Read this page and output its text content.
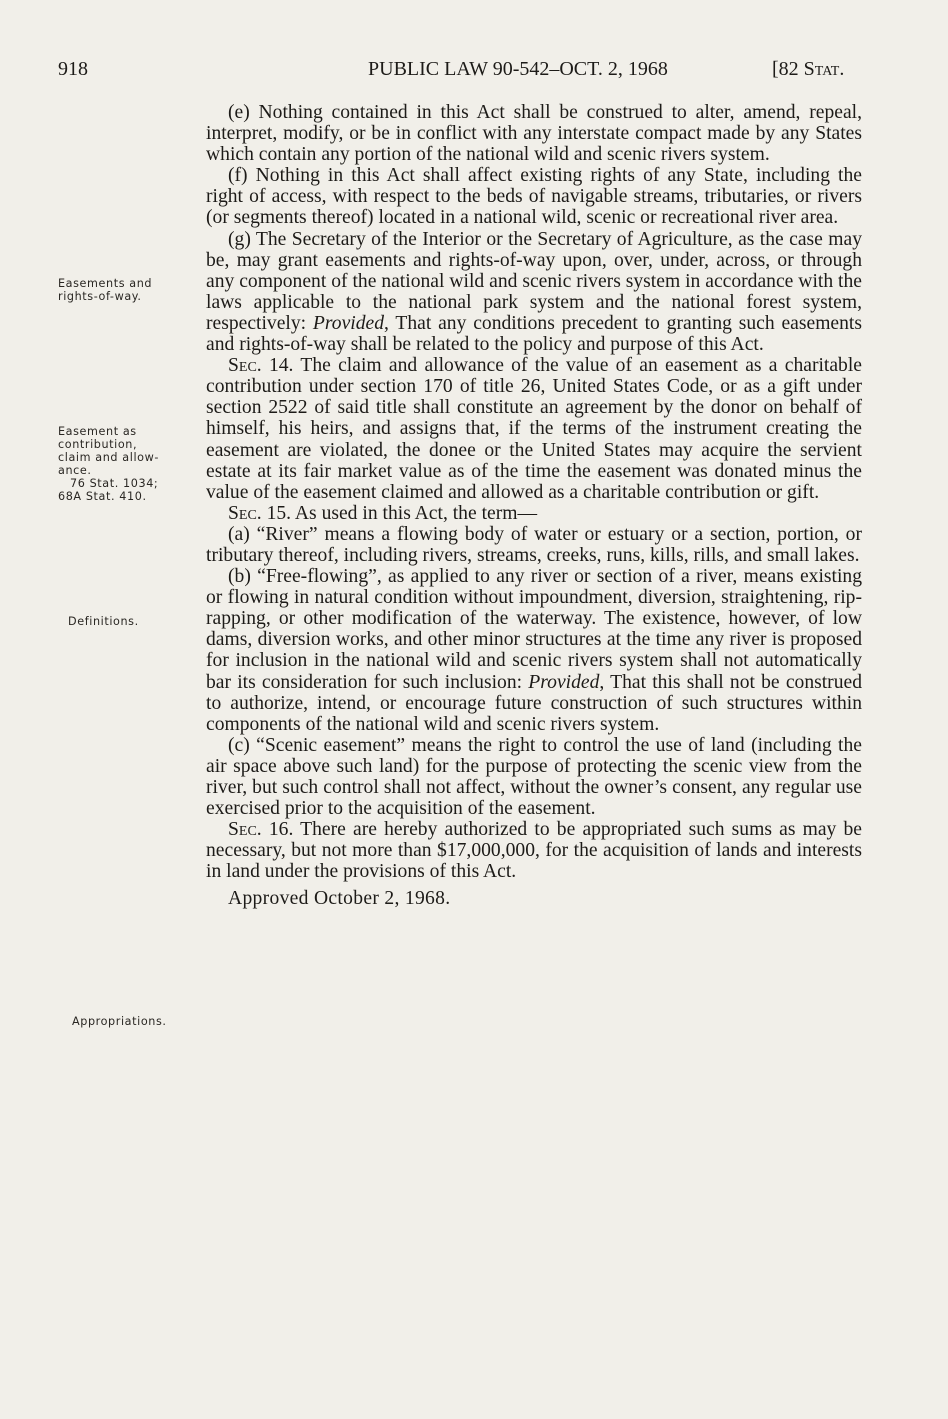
918	PUBLIC LAW 90-542–OCT. 2, 1968	[82 Stat.
Easements and
rights-of-way.
Easement as
contribution,
claim and allow-
ance.
76 Stat. 1034;
68A Stat. 410.
Definitions.
Appropriations.

(e) Nothing contained in this Act shall be construed to alter, amend, repeal, interpret, modify, or be in conflict with any interstate compact made by any States which contain any portion of the national wild and scenic rivers system.

(f) Nothing in this Act shall affect existing rights of any State, including the right of access, with respect to the beds of navigable streams, tributaries, or rivers (or segments thereof) located in a national wild, scenic or recreational river area.

(g) The Secretary of the Interior or the Secretary of Agriculture, as the case may be, may grant easements and rights-of-way upon, over, under, across, or through any component of the national wild and scenic rivers system in accordance with the laws applicable to the national park system and the national forest system, respectively: Provided, That any conditions precedent to granting such easements and rights-of-way shall be related to the policy and purpose of this Act.

Sec. 14. The claim and allowance of the value of an easement as a charitable contribution under section 170 of title 26, United States Code, or as a gift under section 2522 of said title shall constitute an agreement by the donor on behalf of himself, his heirs, and assigns that, if the terms of the instrument creating the easement are violated, the donee or the United States may acquire the servient estate at its fair market value as of the time the easement was donated minus the value of the easement claimed and allowed as a charitable contribution or gift.

Sec. 15. As used in this Act, the term—

(a) “River” means a flowing body of water or estuary or a section, portion, or tributary thereof, including rivers, streams, creeks, runs, kills, rills, and small lakes.

(b) “Free-flowing”, as applied to any river or section of a river, means existing or flowing in natural condition without impoundment, diversion, straightening, rip-rapping, or other modification of the waterway. The existence, however, of low dams, diversion works, and other minor structures at the time any river is proposed for inclusion in the national wild and scenic rivers system shall not automatically bar its consideration for such inclusion: Provided, That this shall not be construed to authorize, intend, or encourage future construction of such structures within components of the national wild and scenic rivers system.

(c) “Scenic easement” means the right to control the use of land (including the air space above such land) for the purpose of protecting the scenic view from the river, but such control shall not affect, without the owner’s consent, any regular use exercised prior to the acquisition of the easement.

Sec. 16. There are hereby authorized to be appropriated such sums as may be necessary, but not more than $17,000,000, for the acquisition of lands and interests in land under the provisions of this Act.

Approved October 2, 1968.
